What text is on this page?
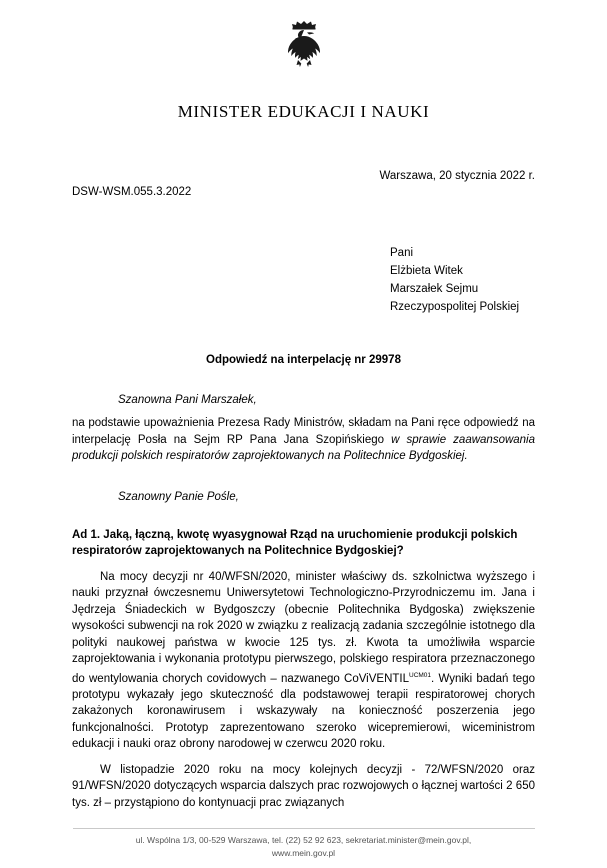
MINISTER EDUKACJI I NAUKI
Warszawa, 20 stycznia 2022 r.
DSW-WSM.055.3.2022
Pani
Elżbieta Witek
Marszałek Sejmu
Rzeczypospolitej Polskiej
Odpowiedź na interpelację nr 29978
Szanowna Pani Marszałek,
na podstawie upoważnienia Prezesa Rady Ministrów, składam na Pani ręce odpowiedź na interpelację Posła na Sejm RP Pana Jana Szopińskiego w sprawie zaawansowania produkcji polskich respiratorów zaprojektowanych na Politechnice Bydgoskiej.
Szanowny Panie Pośle,
Ad 1. Jaką, łączną, kwotę wyasygnował Rząd na uruchomienie produkcji polskich respiratorów zaprojektowanych na Politechnice Bydgoskiej?
Na mocy decyzji nr 40/WFSN/2020, minister właściwy ds. szkolnictwa wyższego i nauki przyznał ówczesnemu Uniwersytetowi Technologiczno-Przyrodniczemu im. Jana i Jędrzeja Śniadeckich w Bydgoszczy (obecnie Politechnika Bydgoska) zwiększenie wysokości subwencji na rok 2020 w związku z realizacją zadania szczególnie istotnego dla polityki naukowej państwa w kwocie 125 tys. zł. Kwota ta umożliwiła wsparcie zaprojektowania i wykonania prototypu pierwszego, polskiego respiratora przeznaczonego do wentylowania chorych covidowych – nazwanego CoViVENTIL$^{UCM01}$. Wyniki badań tego prototypu wykazały jego skuteczność dla podstawowej terapii respiratorowej chorych zakażonych koronawirusem i wskazywały na konieczność poszerzenia jego funkcjonalności. Prototyp zaprezentowano szeroko wicepremierowi, wiceministrom edukacji i nauki oraz obrony narodowej w czerwcu 2020 roku.
W listopadzie 2020 roku na mocy kolejnych decyzji - 72/WFSN/2020 oraz 91/WFSN/2020 dotyczących wsparcia dalszych prac rozwojowych o łącznej wartości 2 650 tys. zł – przystąpiono do kontynuacji prac związanych
ul. Wspólna 1/3, 00-529 Warszawa, tel. (22) 52 92 623, sekretariat.minister@mein.gov.pl,
www.mein.gov.pl
